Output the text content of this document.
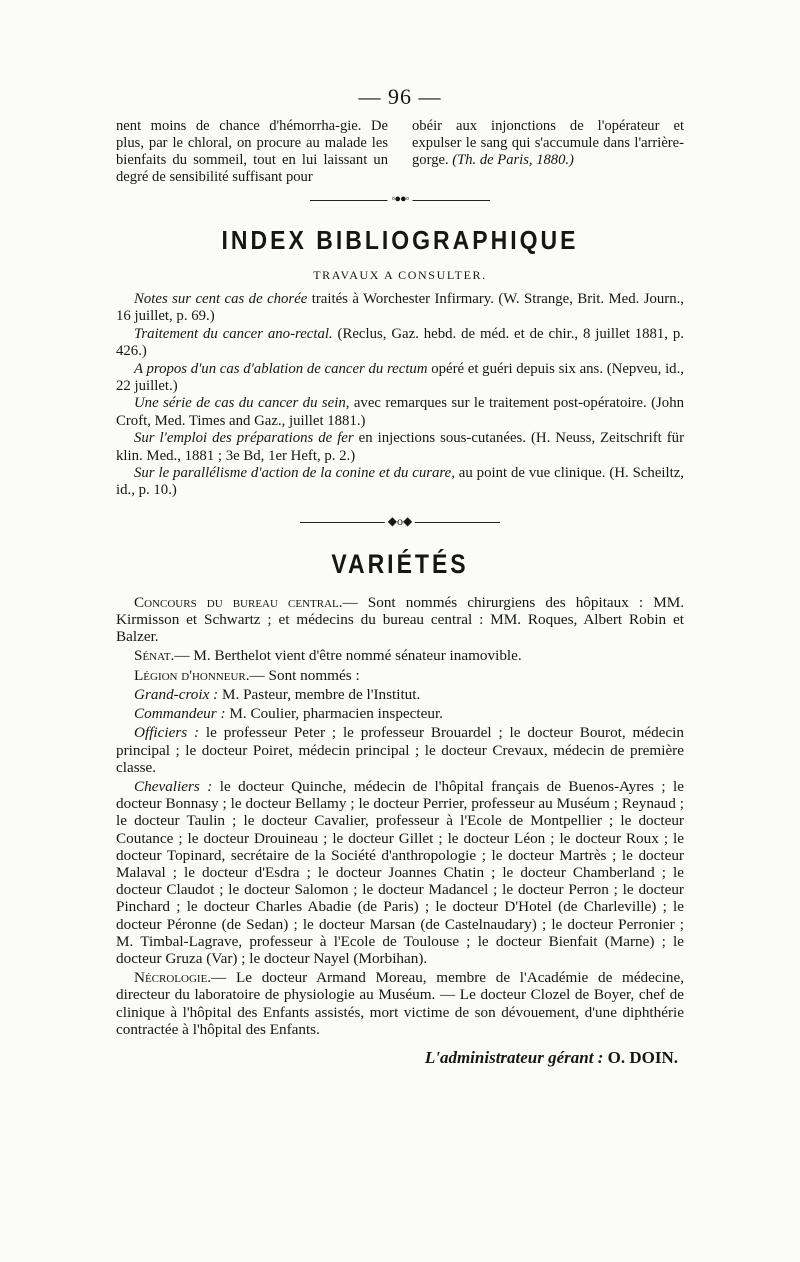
— 96 —
nent moins de chance d'hémorrha-gie. De plus, par le chloral, on procure au malade les bienfaits du sommeil, tout en lui laissant un degré de sensibilité suffisant pour
obéir aux injonctions de l'opérateur et expulser le sang qui s'accumule dans l'arrière-gorge. (Th. de Paris, 1880.)
◦●●◦
INDEX BIBLIOGRAPHIQUE
TRAVAUX A CONSULTER.

Notes sur cent cas de chorée traités à Worchester Infirmary. (W. Strange, Brit. Med. Journ., 16 juillet, p. 69.)

Traitement du cancer ano-rectal. (Reclus, Gaz. hebd. de méd. et de chir., 8 juillet 1881, p. 426.)

A propos d'un cas d'ablation de cancer du rectum opéré et guéri depuis six ans. (Nepveu, id., 22 juillet.)

Une série de cas du cancer du sein, avec remarques sur le traitement post-opératoire. (John Croft, Med. Times and Gaz., juillet 1881.)

Sur l'emploi des préparations de fer en injections sous-cutanées. (H. Neuss, Zeitschrift für klin. Med., 1881 ; 3e Bd, 1er Heft, p. 2.)

Sur le parallélisme d'action de la conine et du curare, au point de vue clinique. (H. Scheiltz, id., p. 10.)

◆o◆
VARIÉTÉS

Concours du bureau central.— Sont nommés chirurgiens des hôpitaux : MM. Kirmisson et Schwartz ; et médecins du bureau central : MM. Roques, Albert Robin et Balzer.

Sénat.— M. Berthelot vient d'être nommé sénateur inamovible.

Légion d'honneur.— Sont nommés :

Grand-croix : M. Pasteur, membre de l'Institut.

Commandeur : M. Coulier, pharmacien inspecteur.

Officiers : le professeur Peter ; le professeur Brouardel ; le docteur Bourot, médecin principal ; le docteur Poiret, médecin principal ; le docteur Crevaux, médecin de première classe.

Chevaliers : le docteur Quinche, médecin de l'hôpital français de Buenos-Ayres ; le docteur Bonnasy ; le docteur Bellamy ; le docteur Perrier, professeur au Muséum ; Reynaud ; le docteur Taulin ; le docteur Cavalier, professeur à l'Ecole de Montpellier ; le docteur Coutance ; le docteur Drouineau ; le docteur Gillet ; le docteur Léon ; le docteur Roux ; le docteur Topinard, secrétaire de la Société d'anthropologie ; le docteur Martrès ; le docteur Malaval ; le docteur d'Esdra ; le docteur Joannes Chatin ; le docteur Chamberland ; le docteur Claudot ; le docteur Salomon ; le docteur Madancel ; le docteur Perron ; le docteur Pinchard ; le docteur Charles Abadie (de Paris) ; le docteur D'Hotel (de Charleville) ; le docteur Péronne (de Sedan) ; le docteur Marsan (de Castelnaudary) ; le docteur Perronier ; M. Timbal-Lagrave, professeur à l'Ecole de Toulouse ; le docteur Bienfait (Marne) ; le docteur Gruza (Var) ; le docteur Nayel (Morbihan).

Nécrologie.— Le docteur Armand Moreau, membre de l'Académie de médecine, directeur du laboratoire de physiologie au Muséum. — Le docteur Clozel de Boyer, chef de clinique à l'hôpital des Enfants assistés, mort victime de son dévouement, d'une diphthérie contractée à l'hôpital des Enfants.

L'administrateur gérant : O. DOIN.
